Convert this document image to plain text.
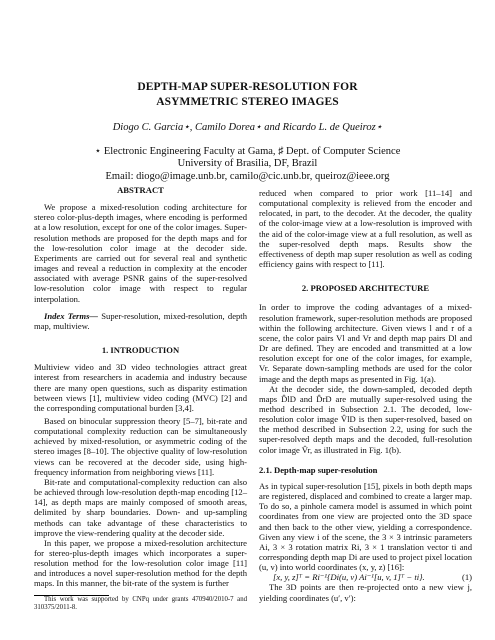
DEPTH-MAP SUPER-RESOLUTION FOR
ASYMMETRIC STEREO IMAGES
Diogo C. Garcia⋆, Camilo Dorea⋆ and Ricardo L. de Queiroz⋆
⋆ Electronic Engineering Faculty at Gama, ♯ Dept. of Computer Science
University of Brasilia, DF, Brazil
Email: diogo@image.unb.br, camilo@cic.unb.br, queiroz@ieee.org
ABSTRACT

We propose a mixed-resolution coding architecture for stereo color-plus-depth images, where encoding is performed at a low resolution, except for one of the color images. Super-resolution methods are proposed for the depth maps and for the low-resolution color image at the decoder side. Experiments are carried out for several real and synthetic images and reveal a reduction in complexity at the encoder associated with average PSNR gains of the super-resolved low-resolution color image with respect to regular interpolation.

Index Terms— Super-resolution, mixed-resolution, depth map, multiview.

1. INTRODUCTION

Multiview video and 3D video technologies attract great interest from researchers in academia and industry because there are many open questions, such as disparity estimation between views [1], multiview video coding (MVC) [2] and the corresponding computational burden [3,4].

Based on binocular suppression theory [5–7], bit-rate and computational complexity reduction can be simultaneously achieved by mixed-resolution, or asymmetric coding of the stereo images [8–10]. The objective quality of low-resolution views can be recovered at the decoder side, using high-frequency information from neighboring views [11].

Bit-rate and computational-complexity reduction can also be achieved through low-resolution depth-map encoding [12–14], as depth maps are mainly composed of smooth areas, delimited by sharp boundaries. Down- and up-sampling methods can take advantage of these characteristics to improve the view-rendering quality at the decoder side.

In this paper, we propose a mixed-resolution architecture for stereo-plus-depth images which incorporates a super-resolution method for the low-resolution color image [11] and introduces a novel super-resolution method for the depth maps. In this manner, the bit-rate of the system is further

This work was supported by CNPq under grants 470940/2010-7 and 310375/2011-8.

reduced when compared to prior work [11–14] and computational complexity is relieved from the encoder and relocated, in part, to the decoder. At the decoder, the quality of the color-image view at a low-resolution is improved with the aid of the color-image view at a full resolution, as well as the super-resolved depth maps. Results show the effectiveness of depth map super resolution as well as coding efficiency gains with respect to [11].

2. PROPOSED ARCHITECTURE

In order to improve the coding advantages of a mixed-resolution framework, super-resolution methods are proposed within the following architecture. Given views l and r of a scene, the color pairs Vl and Vr and depth map pairs Dl and Dr are defined. They are encoded and transmitted at a low resolution except for one of the color images, for example, Vr. Separate down-sampling methods are used for the color image and the depth maps as presented in Fig. 1(a).

At the decoder side, the down-sampled, decoded depth maps D̂lD and D̂rD are mutually super-resolved using the method described in Subsection 2.1. The decoded, low-resolution color image V̂lD is then super-resolved, based on the method described in Subsection 2.2, using for such the super-resolved depth maps and the decoded, full-resolution color image V̂r, as illustrated in Fig. 1(b).

2.1. Depth-map super-resolution

As in typical super-resolution [15], pixels in both depth maps are registered, displaced and combined to create a larger map. To do so, a pinhole camera model is assumed in which point coordinates from one view are projected onto the 3D space and then back to the other view, yielding a correspondence. Given any view i of the scene, the 3 × 3 intrinsic parameters Ai, 3 × 3 rotation matrix Ri, 3 × 1 translation vector ti and corresponding depth map Di are used to project pixel location (u, v) into world coordinates (x, y, z) [16]:

[x, y, z]ᵀ = Ri⁻¹{Di(u, v) Ai⁻¹[u, v, 1]ᵀ − ti}.	(1)

The 3D points are then re-projected onto a new view j, yielding coordinates (u′, v′):
